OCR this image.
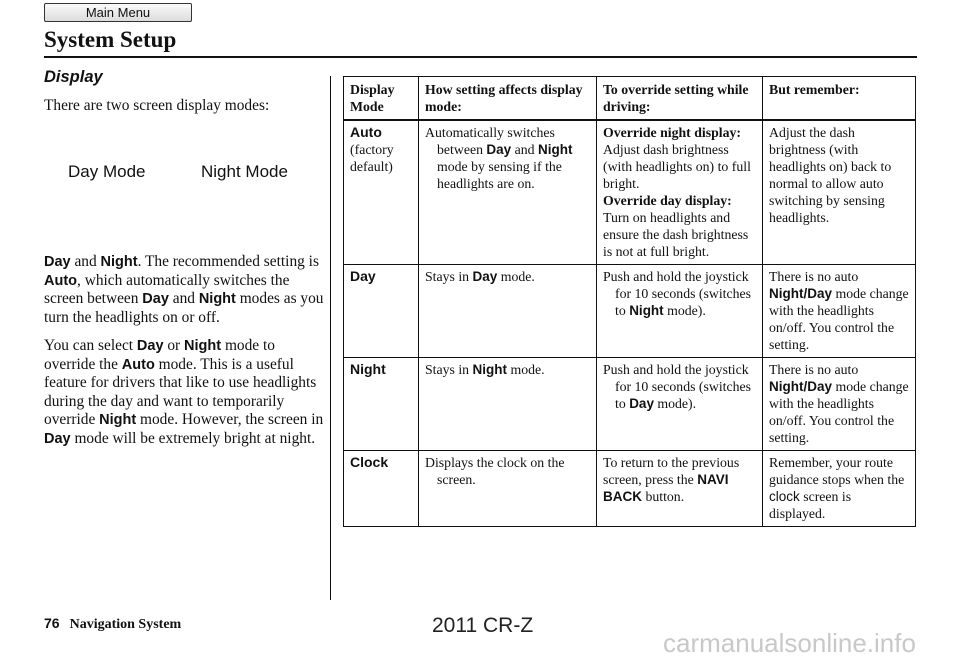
Main Menu
System Setup
Display

There are two screen display modes:

Day Mode	Night Mode

Day and Night. The recommended setting is Auto, which automatically switches the screen between Day and Night modes as you turn the headlights on or off.

You can select Day or Night mode to override the Auto mode. This is a useful feature for drivers that like to use headlights during the day and want to temporarily override Night mode. However, the screen in Day mode will be extremely bright at night.

Display Mode	How setting affects display mode:	To override setting while driving:	But remember:

Auto
(factory default)	Automatically switches between Day and Night mode by sensing if the headlights are on.	Override night display:
Adjust dash brightness (with headlights on) to full bright.
Override day display:
Turn on headlights and ensure the dash brightness is not at full bright.	Adjust the dash brightness (with headlights on) back to normal to allow auto switching by sensing headlights.

Day	Stays in Day mode.	Push and hold the joystick for 10 seconds (switches to Night mode).	There is no auto Night/Day mode change with the headlights on/off. You control the setting.

Night	Stays in Night mode.	Push and hold the joystick for 10 seconds (switches to Day mode).	There is no auto Night/Day mode change with the headlights on/off. You control the setting.

Clock	Displays the clock on the screen.	To return to the previous screen, press the NAVI BACK button.	Remember, your route guidance stops when the clock screen is displayed.
76 Navigation System	2011 CR-Z
carmanualsonline.info
